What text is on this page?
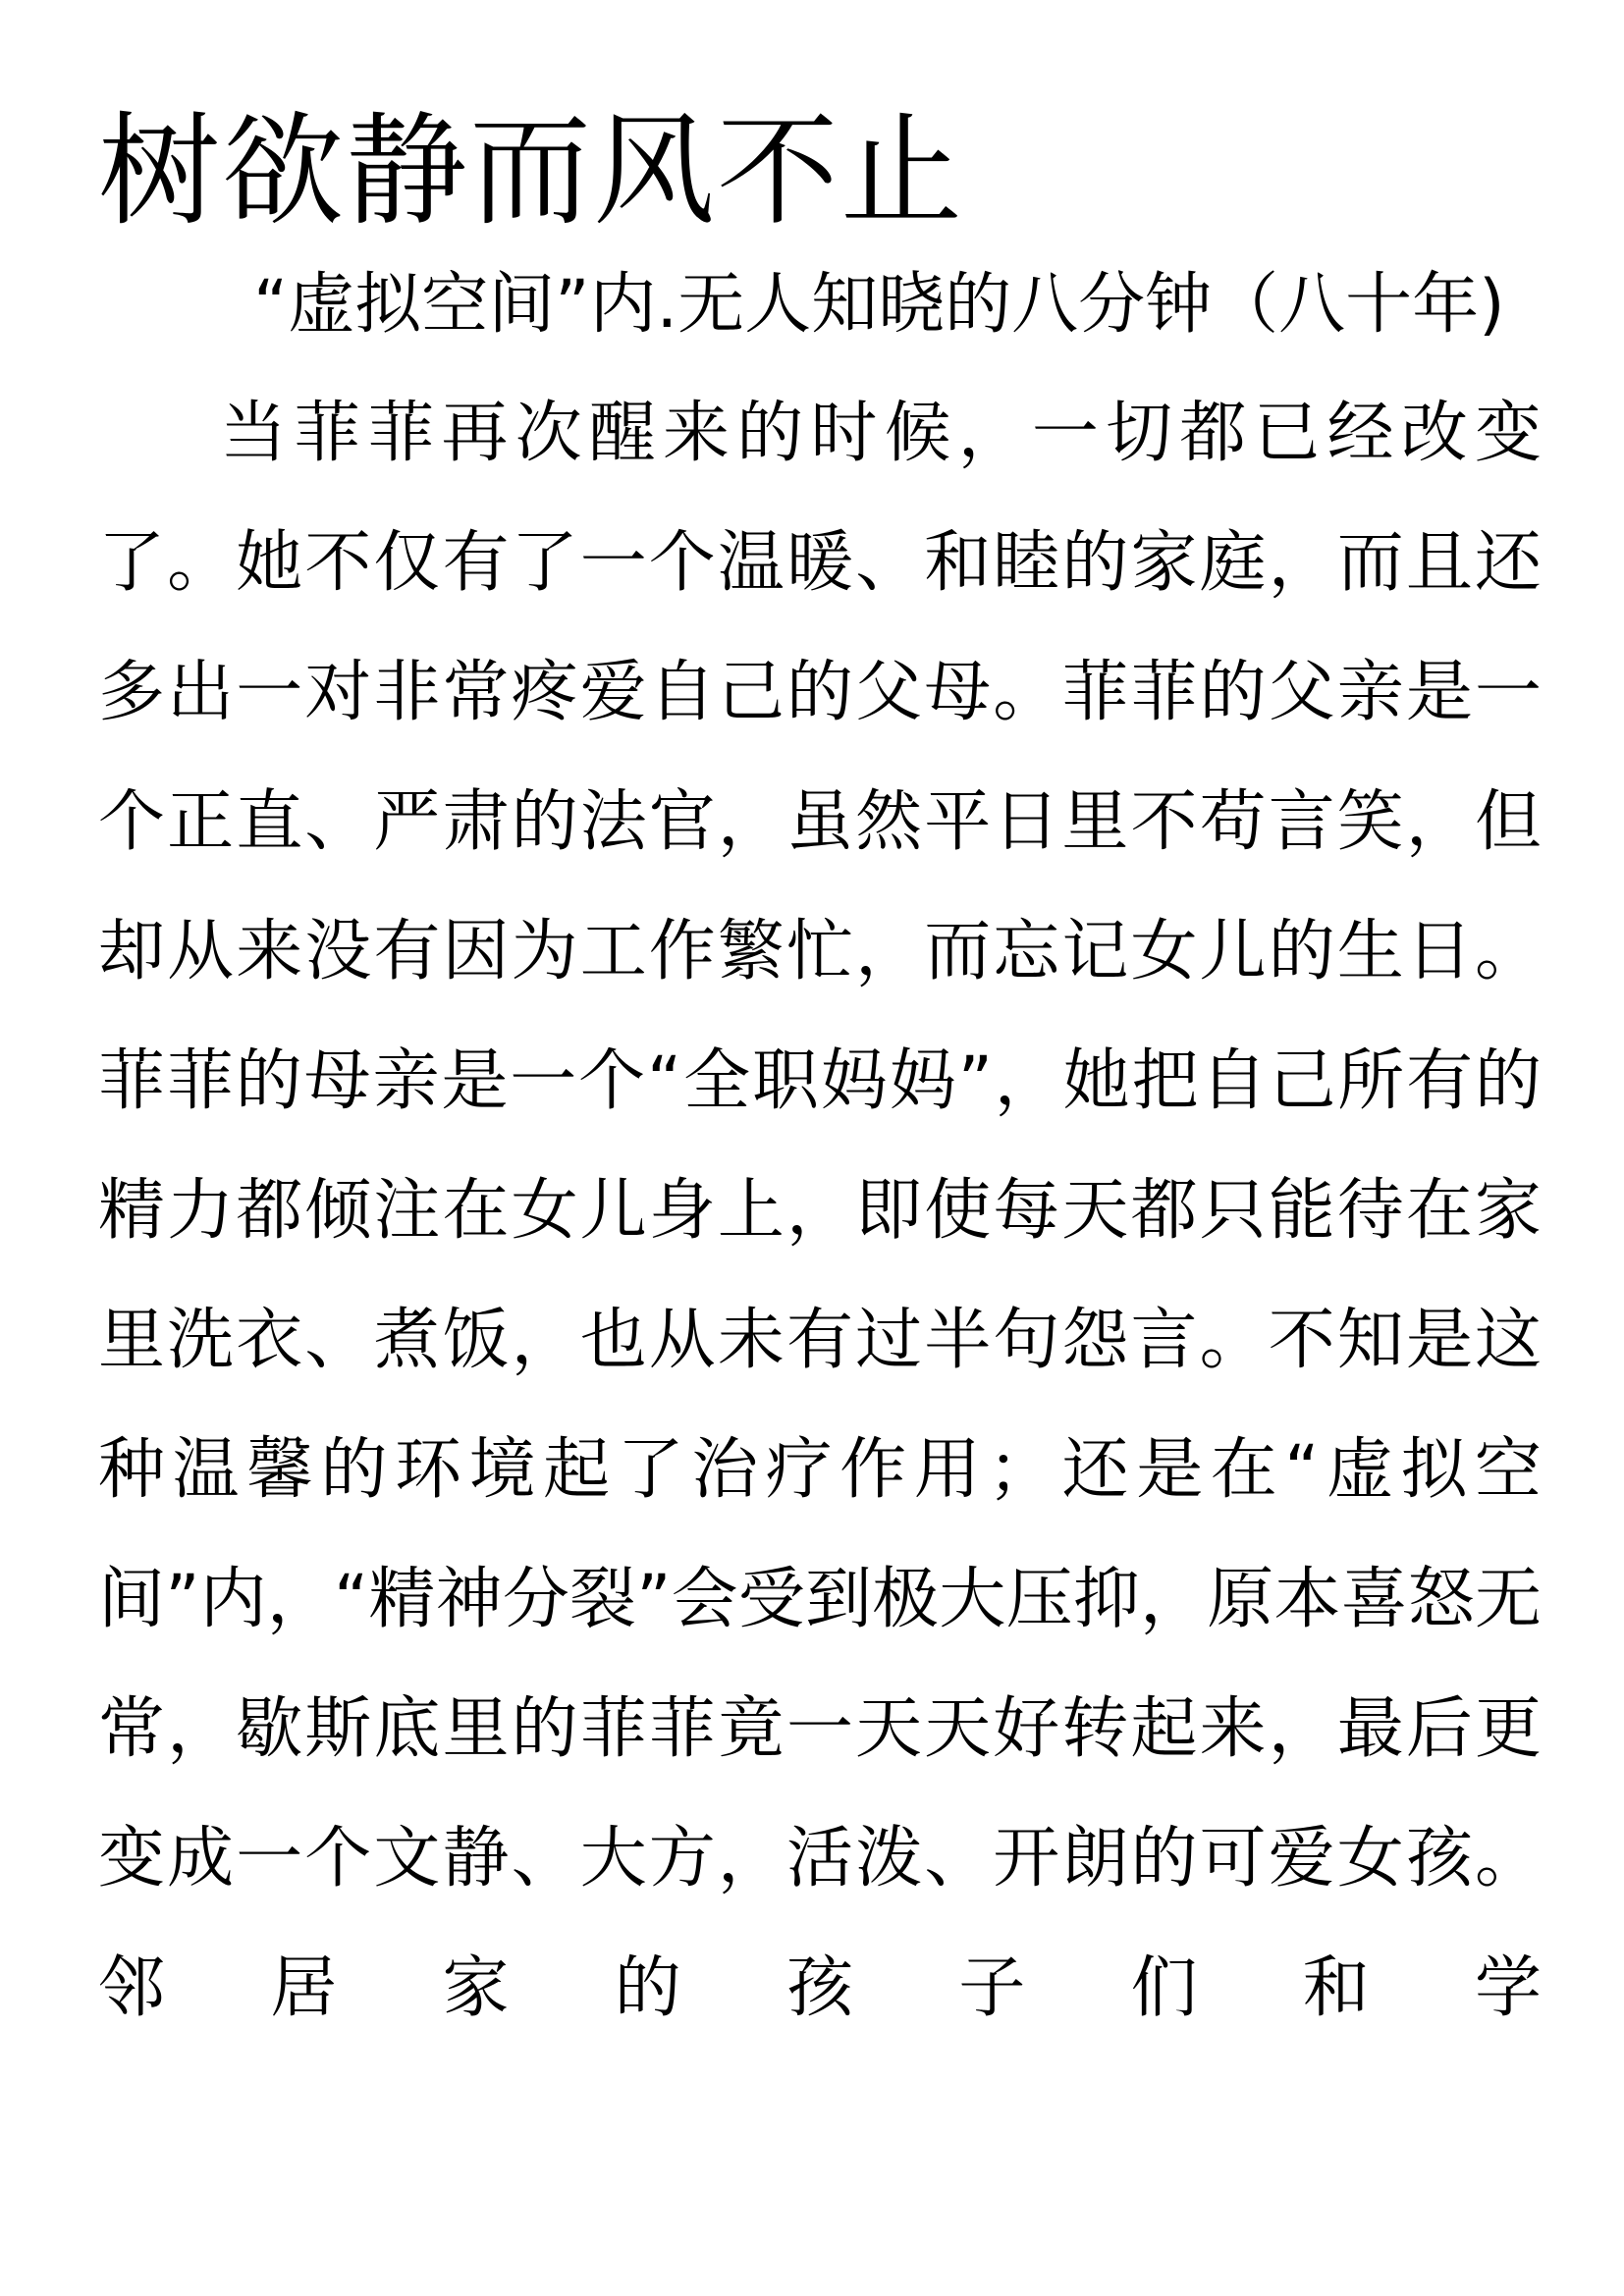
树欲静而风不止

“虚拟空间”内.无人知晓的八分钟（八十年)

当菲菲再次醒来的时候，一切都已经改变了。她不仅有了一个温暖、和睦的家庭，而且还多出一对非常疼爱自己的父母。菲菲的父亲是一个正直、严肃的法官，虽然平日里不苟言笑，但却从来没有因为工作繁忙，而忘记女儿的生日。菲菲的母亲是一个“全职妈妈”，她把自己所有的精力都倾注在女儿身上，即使每天都只能待在家里洗衣、煮饭，也从未有过半句怨言。不知是这种温馨的环境起了治疗作用；还是在“虚拟空间”内，“精神分裂”会受到极大压抑，原本喜怒无常，歇斯底里的菲菲竟一天天好转起来，最后更变成一个文静、大方，活泼、开朗的可爱女孩。邻居家的孩子们和学
